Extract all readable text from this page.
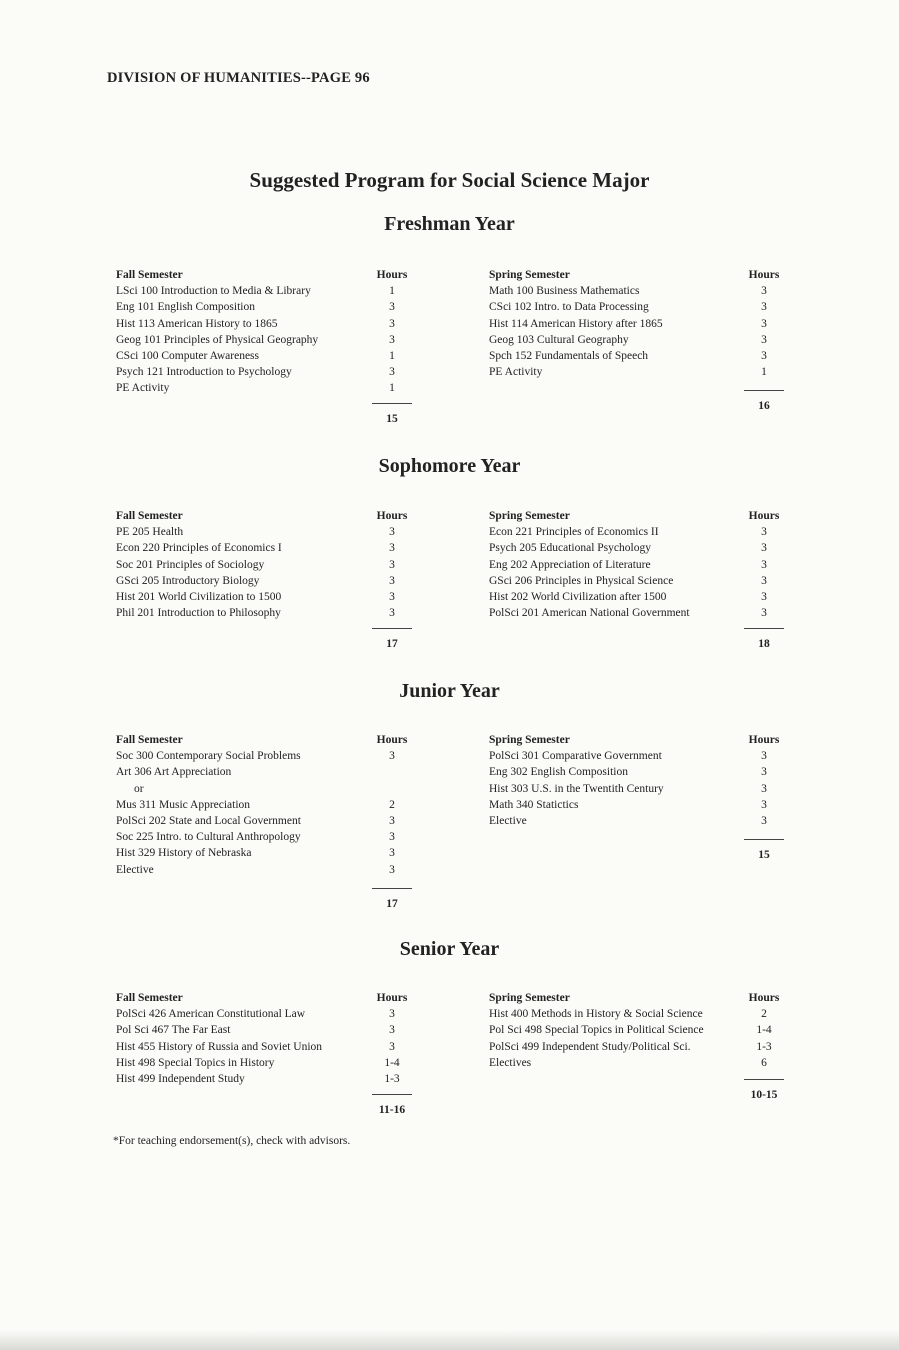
DIVISION OF HUMANITIES--PAGE 96
Suggested Program for Social Science Major
Freshman Year
Fall Semester	Hours
LSci 100 Introduction to Media & Library	1
Eng 101 English Composition	3
Hist 113 American History to 1865	3
Geog 101 Principles of Physical Geography	3
CSci 100 Computer Awareness	1
Psych 121 Introduction to Psychology	3
PE Activity	1
15
Spring Semester	Hours
Math 100 Business Mathematics	3
CSci 102 Intro. to Data Processing	3
Hist 114 American History after 1865	3
Geog 103 Cultural Geography	3
Spch 152 Fundamentals of Speech	3
PE Activity	1
16
Sophomore Year
Fall Semester	Hours
PE 205 Health	3
Econ 220 Principles of Economics I	3
Soc 201 Principles of Sociology	3
GSci 205 Introductory Biology	3
Hist 201 World Civilization to 1500	3
Phil 201 Introduction to Philosophy	3
17
Spring Semester	Hours
Econ 221 Principles of Economics II	3
Psych 205 Educational Psychology	3
Eng 202 Appreciation of Literature	3
GSci 206 Principles in Physical Science	3
Hist 202 World Civilization after 1500	3
PolSci 201 American National Government	3
18
Junior Year
Fall Semester	Hours
Soc 300 Contemporary Social Problems	3
Art 306 Art Appreciation
or
Mus 311 Music Appreciation	2
PolSci 202 State and Local Government	3
Soc 225 Intro. to Cultural Anthropology	3
Hist 329 History of Nebraska	3
Elective	3
17
Spring Semester	Hours
PolSci 301 Comparative Government	3
Eng 302 English Composition	3
Hist 303 U.S. in the Twentith Century	3
Math 340 Statictics	3
Elective	3
15
Senior Year
Fall Semester	Hours
PolSci 426 American Constitutional Law	3
Pol Sci 467 The Far East	3
Hist 455 History of Russia and Soviet Union	3
Hist 498 Special Topics in History	1-4
Hist 499 Independent Study	1-3
11-16
Spring Semester	Hours
Hist 400 Methods in History & Social Science	2
Pol Sci 498 Special Topics in Political Science	1-4
PolSci 499 Independent Study/Political Sci.	1-3
Electives	6
10-15
*For teaching endorsement(s), check with advisors.
